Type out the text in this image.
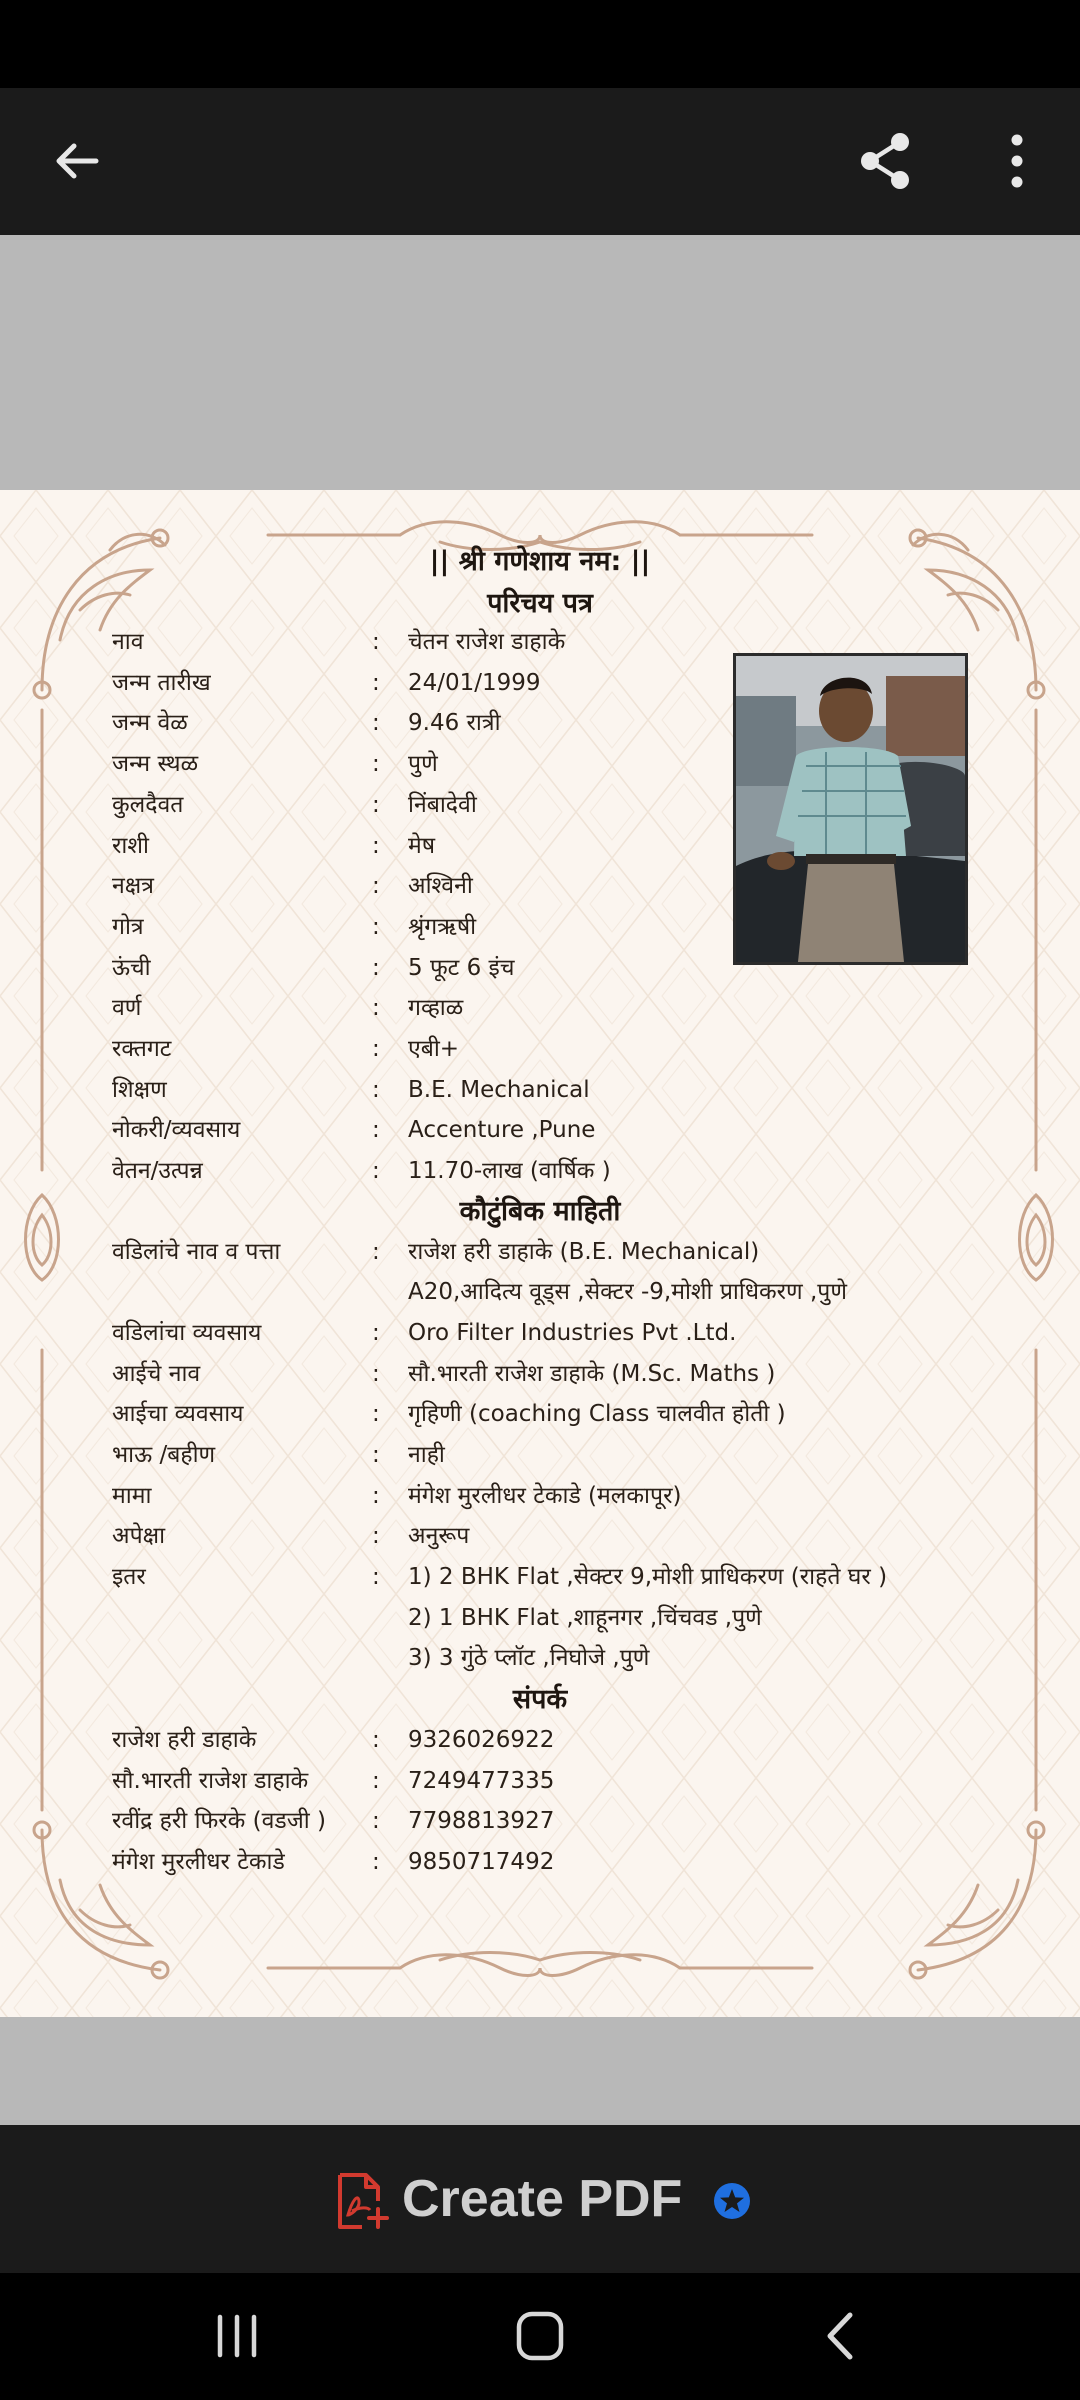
|| श्री गणेशाय नम: ||
परिचय पत्र
नाव	: चेतन राजेश डाहाके
जन्म तारीख	: 24/01/1999
जन्म वेळ	: 9.46 रात्री
जन्म स्थळ	: पुणे
कुलदैवत	: निंबादेवी
राशी	: मेष
नक्षत्र	: अश्विनी
गोत्र	: श्रृंगऋषी
ऊंची	: 5 फूट 6 इंच
वर्ण	: गव्हाळ
रक्तगट	: एबी+
शिक्षण	: B.E. Mechanical
नोकरी/व्यवसाय	: Accenture ,Pune
वेतन/उत्पन्न	: 11.70-लाख (वार्षिक )
कौटुंबिक माहिती
वडिलांचे नाव व पत्ता	: राजेश हरी डाहाके (B.E. Mechanical)
A20,आदित्य वूड्स ,सेक्टर -9,मोशी प्राधिकरण ,पुणे
वडिलांचा व्यवसाय	: Oro Filter Industries Pvt .Ltd.
आईचे नाव	: सौ.भारती राजेश डाहाके (M.Sc. Maths )
आईचा व्यवसाय	: गृहिणी (coaching Class चालवीत होती )
भाऊ /बहीण	: नाही
मामा	: मंगेश मुरलीधर टेकाडे (मलकापूर)
अपेक्षा	: अनुरूप
इतर	: 1) 2 BHK Flat ,सेक्टर 9,मोशी प्राधिकरण (राहते घर )
2) 1 BHK Flat ,शाहूनगर ,चिंचवड ,पुणे
3) 3 गुंठे प्लॉट ,निघोजे ,पुणे
संपर्क
राजेश हरी डाहाके	: 9326026922
सौ.भारती राजेश डाहाके	: 7249477335
रवींद्र हरी फिरके (वडजी ) : 7798813927
मंगेश मुरलीधर टेकाडे	: 9850717492
Create PDF
